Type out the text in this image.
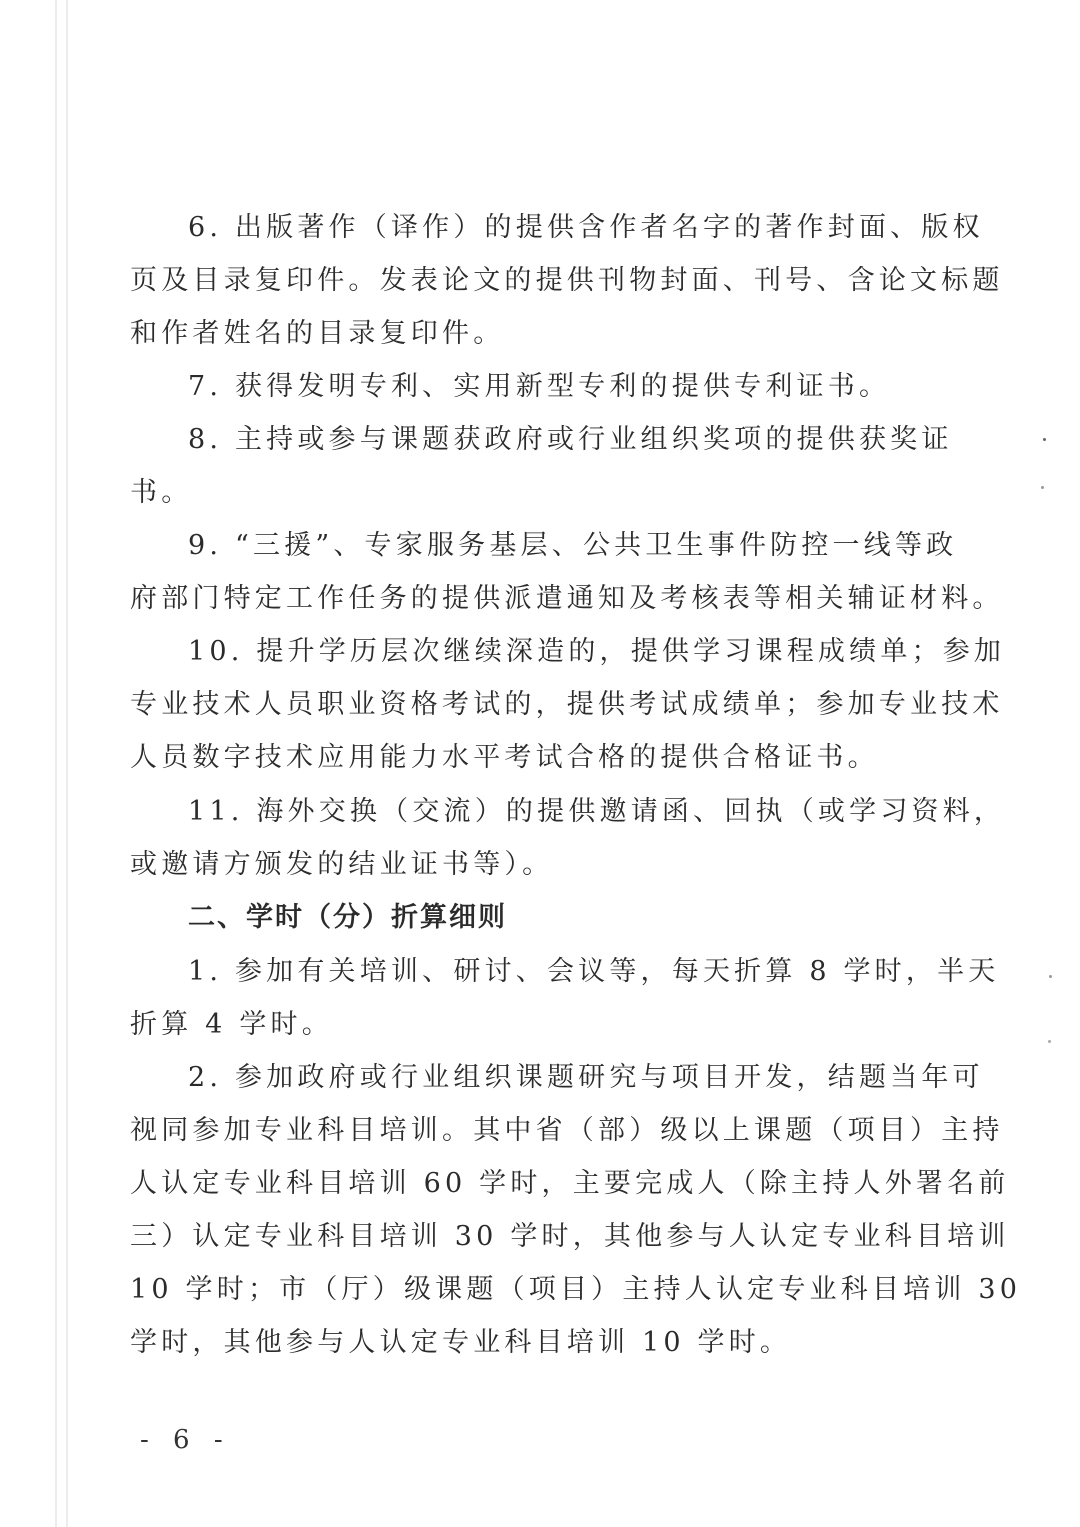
6. 出版著作（译作）的提供含作者名字的著作封面、版权
页及目录复印件。发表论文的提供刊物封面、刊号、含论文标题
和作者姓名的目录复印件。
7. 获得发明专利、实用新型专利的提供专利证书。
8. 主持或参与课题获政府或行业组织奖项的提供获奖证
书。
9. “三援”、专家服务基层、公共卫生事件防控一线等政
府部门特定工作任务的提供派遣通知及考核表等相关辅证材料。
10. 提升学历层次继续深造的，提供学习课程成绩单；参加
专业技术人员职业资格考试的，提供考试成绩单；参加专业技术
人员数字技术应用能力水平考试合格的提供合格证书。
11. 海外交换（交流）的提供邀请函、回执（或学习资料，
或邀请方颁发的结业证书等）。
二、学时（分）折算细则
1. 参加有关培训、研讨、会议等，每天折算 8 学时，半天
折算 4 学时。
2. 参加政府或行业组织课题研究与项目开发，结题当年可
视同参加专业科目培训。其中省（部）级以上课题（项目）主持
人认定专业科目培训 60 学时，主要完成人（除主持人外署名前
三）认定专业科目培训 30 学时，其他参与人认定专业科目培训
10 学时；市（厅）级课题（项目）主持人认定专业科目培训 30
学时，其他参与人认定专业科目培训 10 学时。
- 6 -
